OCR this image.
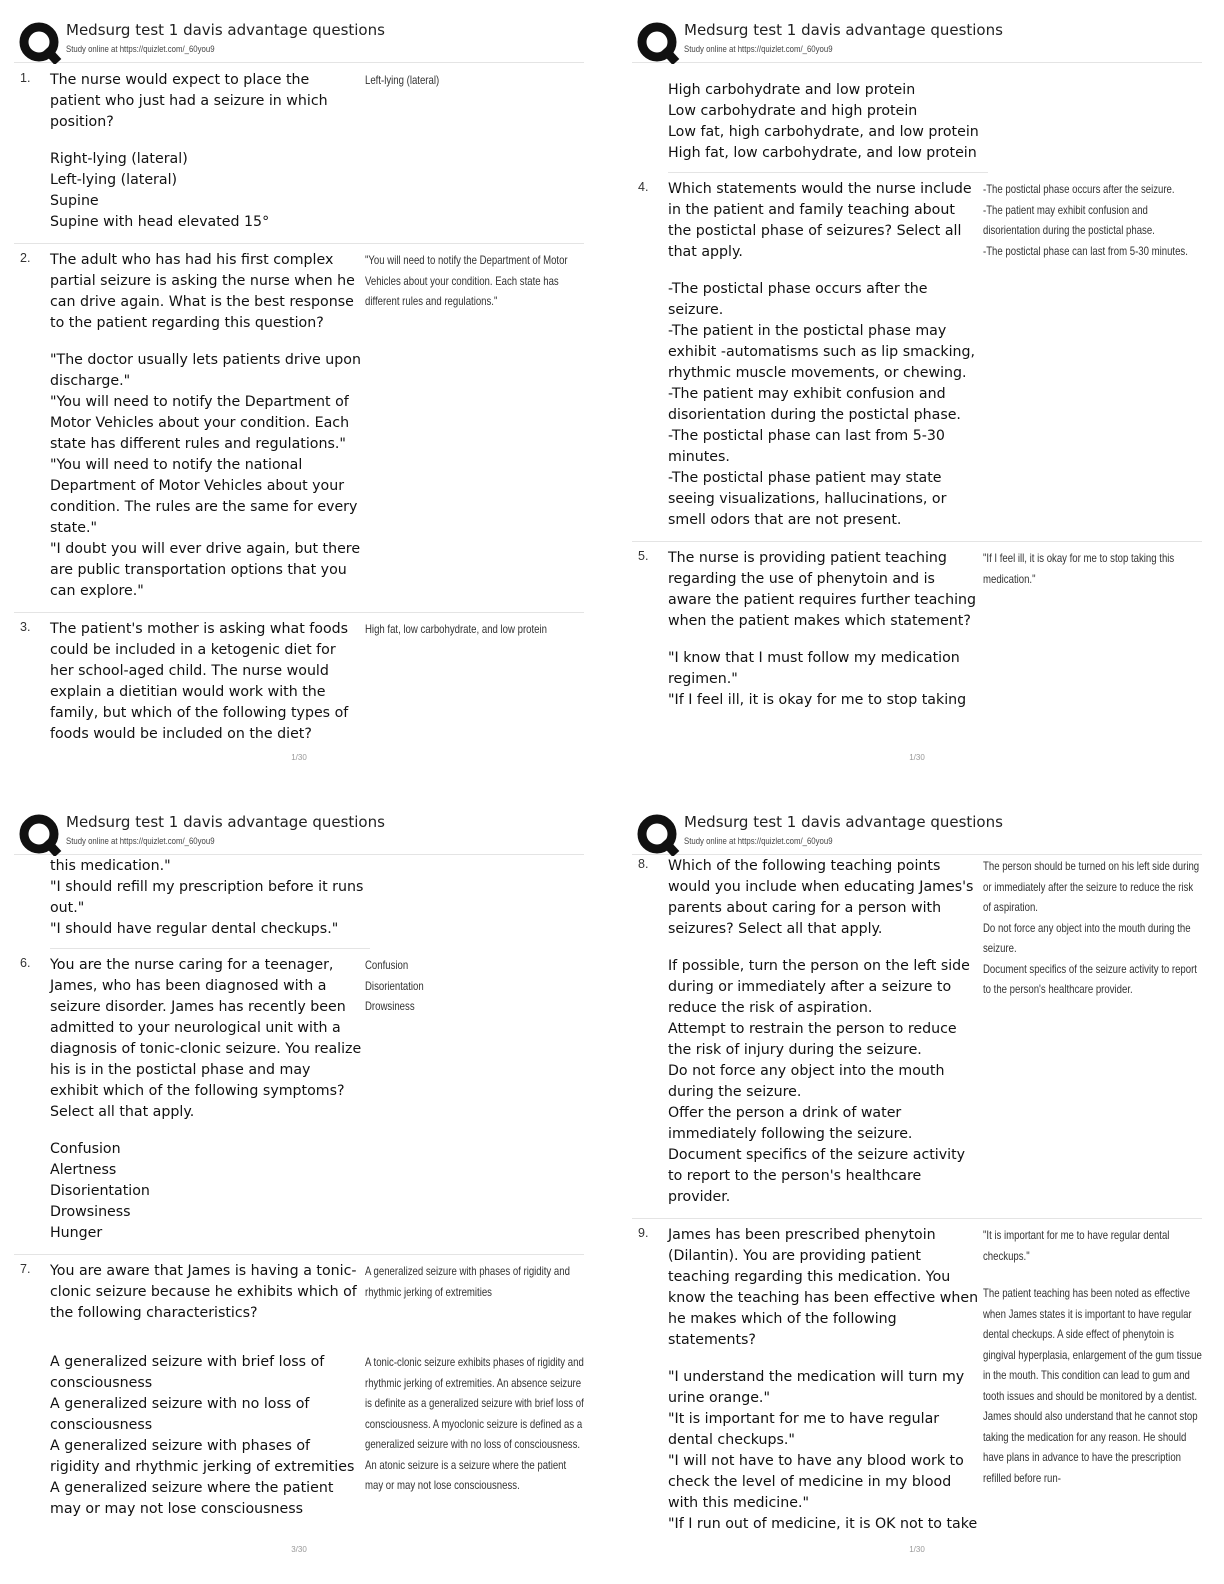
Medsurg test 1 davis advantage questions
Study online at https://quizlet.com/_60you9
1.	The nurse would expect to place the patient who just had a seizure in which position?
Left-lying (lateral)
Right-lying (lateral)
Left-lying (lateral)
Supine
Supine with head elevated 15°
2.	The adult who has had his first complex partial seizure is asking the nurse when he can drive again. What is the best response to the patient regarding this question?
"You will need to notify the Department of Motor Vehicles about your condition. Each state has different rules and regulations."
"The doctor usually lets patients drive upon discharge."
"You will need to notify the Department of Motor Vehicles about your condition. Each state has different rules and regulations."
"You will need to notify the national Department of Motor Vehicles about your condition. The rules are the same for every state."
"I doubt you will ever drive again, but there are public transportation options that you can explore."
3.	The patient's mother is asking what foods could be included in a ketogenic diet for her school-aged child. The nurse would explain a dietitian would work with the family, but which of the following types of foods would be included on the diet?
High fat, low carbohydrate, and low protein
1/30
Medsurg test 1 davis advantage questions
Study online at https://quizlet.com/_60you9
High carbohydrate and low protein
Low carbohydrate and high protein
Low fat, high carbohydrate, and low protein
High fat, low carbohydrate, and low protein
4.	Which statements would the nurse include in the patient and family teaching about the postictal phase of seizures? Select all that apply.
-The postictal phase occurs after the seizure.
-The patient may exhibit confusion and disorientation during the postictal phase.
-The postictal phase can last from 5-30 minutes.
-The postictal phase occurs after the seizure.
-The patient in the postictal phase may exhibit -automatisms such as lip smacking, rhythmic muscle movements, or chewing.
-The patient may exhibit confusion and disorientation during the postictal phase.
-The postictal phase can last from 5-30 minutes.
-The postictal phase patient may state seeing visualizations, hallucinations, or smell odors that are not present.
5.	The nurse is providing patient teaching regarding the use of phenytoin and is aware the patient requires further teaching when the patient makes which statement?
"If I feel ill, it is okay for me to stop taking this medication."
"I know that I must follow my medication regimen."
"If I feel ill, it is okay for me to stop taking
1/30
Medsurg test 1 davis advantage questions
Study online at https://quizlet.com/_60you9
this medication."
"I should refill my prescription before it runs out."
"I should have regular dental checkups."
6.	You are the nurse caring for a teenager, James, who has been diagnosed with a seizure disorder. James has recently been admitted to your neurological unit with a diagnosis of tonic-clonic seizure. You realize his is in the postictal phase and may exhibit which of the following symptoms? Select all that apply.
Confusion
Disorientation
Drowsiness
Confusion
Alertness
Disorientation
Drowsiness
Hunger
7.	You are aware that James is having a tonic-clonic seizure because he exhibits which of the following characteristics?
A generalized seizure with phases of rigidity and rhythmic jerking of extremities
A tonic-clonic seizure exhibits phases of rigidity and rhythmic jerking of extremities. An absence seizure is definite as a generalized seizure with brief loss of consciousness. A myoclonic seizure is defined as a generalized seizure with no loss of consciousness. An atonic seizure is a seizure where the patient may or may not lose consciousness.
A generalized seizure with brief loss of consciousness
A generalized seizure with no loss of consciousness
A generalized seizure with phases of rigidity and rhythmic jerking of extremities
A generalized seizure where the patient may or may not lose consciousness
3/30
Medsurg test 1 davis advantage questions
Study online at https://quizlet.com/_60you9
8.	Which of the following teaching points would you include when educating James's parents about caring for a person with seizures? Select all that apply.
The person should be turned on his left side during or immediately after the seizure to reduce the risk of aspiration.
Do not force any object into the mouth during the seizure.
Document specifics of the seizure activity to report to the person's healthcare provider.
If possible, turn the person on the left side during or immediately after a seizure to reduce the risk of aspiration.
Attempt to restrain the person to reduce the risk of injury during the seizure.
Do not force any object into the mouth during the seizure.
Offer the person a drink of water immediately following the seizure.
Document specifics of the seizure activity to report to the person's healthcare provider.
9.	James has been prescribed phenytoin (Dilantin). You are providing patient teaching regarding this medication. You know the teaching has been effective when he makes which of the following statements?
"It is important for me to have regular dental checkups."
The patient teaching has been noted as effective when James states it is important to have regular dental checkups. A side effect of phenytoin is gingival hyperplasia, enlargement of the gum tissue in the mouth. This condition can lead to gum and tooth issues and should be monitored by a dentist. James should also understand that he cannot stop taking the medication for any reason. He should have plans in advance to have the prescription refilled before run-
"I understand the medication will turn my urine orange."
"It is important for me to have regular dental checkups."
"I will not have to have any blood work to check the level of medicine in my blood with this medicine."
"If I run out of medicine, it is OK not to take
1/30
